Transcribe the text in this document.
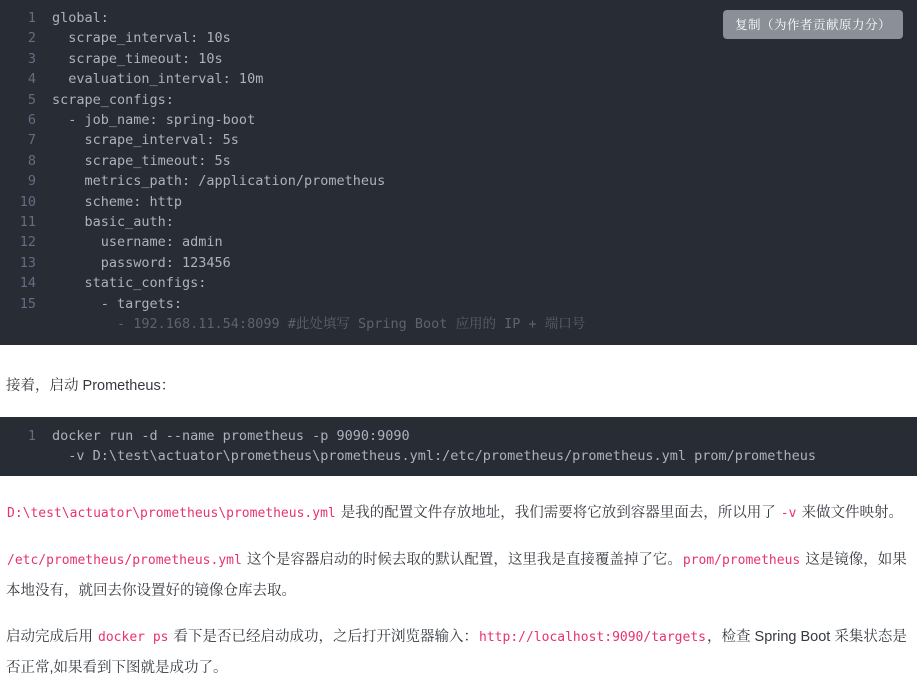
复制（为作者贡献原力分）
1	global:
2	scrape_interval: 10s
3	scrape_timeout: 10s
4	evaluation_interval: 10m
5	scrape_configs:
6	- job_name: spring-boot
7	scrape_interval: 5s
8	scrape_timeout: 5s
9	metrics_path: /application/prometheus
10	scheme: http
11	basic_auth:
12	username: admin
13	password: 123456
14	static_configs:
15	- targets:
- 192.168.11.54:8099 #此处填写 Spring Boot 应用的 IP + 端口号

接着，启动 Prometheus：

1	docker run -d --name prometheus -p 9090:9090
-v D:\test\actuator\prometheus\prometheus.yml:/etc/prometheus/prometheus.yml prom/prometheus

D:\test\actuator\prometheus\prometheus.yml 是我的配置文件存放地址，我们需要将它放到容器里面去，所以用了 -v 来做文件映射。

/etc/prometheus/prometheus.yml 这个是容器启动的时候去取的默认配置，这里我是直接覆盖掉了它。prom/prometheus 这是镜像，如果本地没有，就回去你设置好的镜像仓库去取。

启动完成后用 docker ps 看下是否已经启动成功，之后打开浏览器输入：http://localhost:9090/targets，检查 Spring Boot 采集状态是否正常,如果看到下图就是成功了。
